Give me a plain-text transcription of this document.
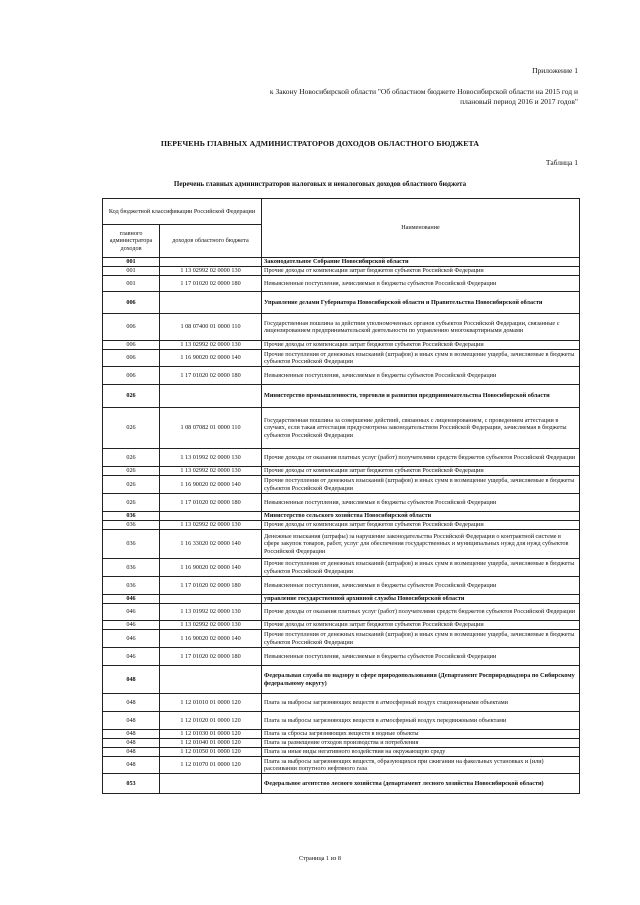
Приложение 1
к Закону Новосибирской области "Об областном бюджете Новосибирской области на 2015 год и плановый период 2016 и 2017 годов"
ПЕРЕЧЕНЬ ГЛАВНЫХ АДМИНИСТРАТОРОВ ДОХОДОВ ОБЛАСТНОГО БЮДЖЕТА
Таблица 1
Перечень главных администраторов налоговых и неналоговых доходов областного бюджета
Код бюджетной классификации Российской Федерации		Наименование
главного администратора доходов	доходов областного бюджета	
001		Законодательное Собрание Новосибирской области
001	1 13 02992 02 0000 130	Прочие доходы от компенсации затрат бюджетов субъектов Российской Федерации
001	1 17 01020 02 0000 180	Невыясненные поступления, зачисляемые в бюджеты субъектов Российской Федерации
006		Управление делами Губернатора Новосибирской области и Правительства Новосибирской области
006	1 08 07400 01 0000 110	Государственная пошлина за действия уполномоченных органов субъектов Российской Федерации, связанные с лицензированием предпринимательской деятельности по управлению многоквартирными домами
006	1 13 02992 02 0000 130	Прочие доходы от компенсации затрат бюджетов субъектов Российской Федерации
006	1 16 90020 02 0000 140	Прочие поступления от денежных взысканий (штрафов) и иных сумм в возмещение ущерба, зачисляемые в бюджеты субъектов Российской Федерации
006	1 17 01020 02 0000 180	Невыясненные поступления, зачисляемые в бюджеты субъектов Российской Федерации
026		Министерство промышленности, торговли и развития предпринимательства Новосибирской области
026	1 08 07082 01 0000 110	Государственная пошлина за совершение действий, связанных с лицензированием, с проведением аттестации в случаях, если такая аттестация предусмотрена законодательством Российской Федерации, зачисляемая в бюджеты субъектов Российской Федерации
026	1 13 01992 02 0000 130	Прочие доходы от оказания платных услуг (работ) получателями средств бюджетов субъектов Российской Федерации
026	1 13 02992 02 0000 130	Прочие доходы от компенсации затрат бюджетов субъектов Российской Федерации
026	1 16 90020 02 0000 140	Прочие поступления от денежных взысканий (штрафов) и иных сумм в возмещение ущерба, зачисляемые в бюджеты субъектов Российской Федерации
026	1 17 01020 02 0000 180	Невыясненные поступления, зачисляемые в бюджеты субъектов Российской Федерации
036		Министерство сельского хозяйства Новосибирской области
036	1 13 02992 02 0000 130	Прочие доходы от компенсации затрат бюджетов субъектов Российской Федерации
036	1 16 33020 02 0000 140	Денежные взыскания (штрафы) за нарушение законодательства Российской Федерации о контрактной системе в сфере закупок товаров, работ, услуг для обеспечения государственных и муниципальных нужд для нужд субъектов Российской Федерации
036	1 16 90020 02 0000 140	Прочие поступления от денежных взысканий (штрафов) и иных сумм в возмещение ущерба, зачисляемые в бюджеты субъектов Российской Федерации
036	1 17 01020 02 0000 180	Невыясненные поступления, зачисляемые в бюджеты субъектов Российской Федерации
046		управление государственной архивной службы Новосибирской области
046	1 13 01992 02 0000 130	Прочие доходы от оказания платных услуг (работ) получателями средств бюджетов субъектов Российской Федерации
046	1 13 02992 02 0000 130	Прочие доходы от компенсации затрат бюджетов субъектов Российской Федерации
046	1 16 90020 02 0000 140	Прочие поступления от денежных взысканий (штрафов) и иных сумм в возмещение ущерба, зачисляемые в бюджеты субъектов Российской Федерации
046	1 17 01020 02 0000 180	Невыясненные поступления, зачисляемые в бюджеты субъектов Российской Федерации
048		Федеральная служба по надзору в сфере природопользования (Департамент Росприроднадзора по Сибирскому федеральному округу)
048	1 12 01010 01 0000 120	Плата за выбросы загрязняющих веществ в атмосферный воздух стационарными объектами
048	1 12 01020 01 0000 120	Плата за выбросы загрязняющих веществ в атмосферный воздух передвижными объектами
048	1 12 01030 01 0000 120	Плата за сбросы загрязняющих веществ в водные объекты
048	1 12 01040 01 0000 120	Плата за размещение отходов производства и потребления
048	1 12 01050 01 0000 120	Плата за иные виды негативного воздействия на окружающую среду
048	1 12 01070 01 0000 120	Плата за выбросы загрязняющих веществ, образующихся при сжигании на факельных установках и (или) рассеивании попутного нефтяного газа
053		Федеральное агентство лесного хозяйства (департамент лесного хозяйства Новосибирской области)
Страница 1 из 8
